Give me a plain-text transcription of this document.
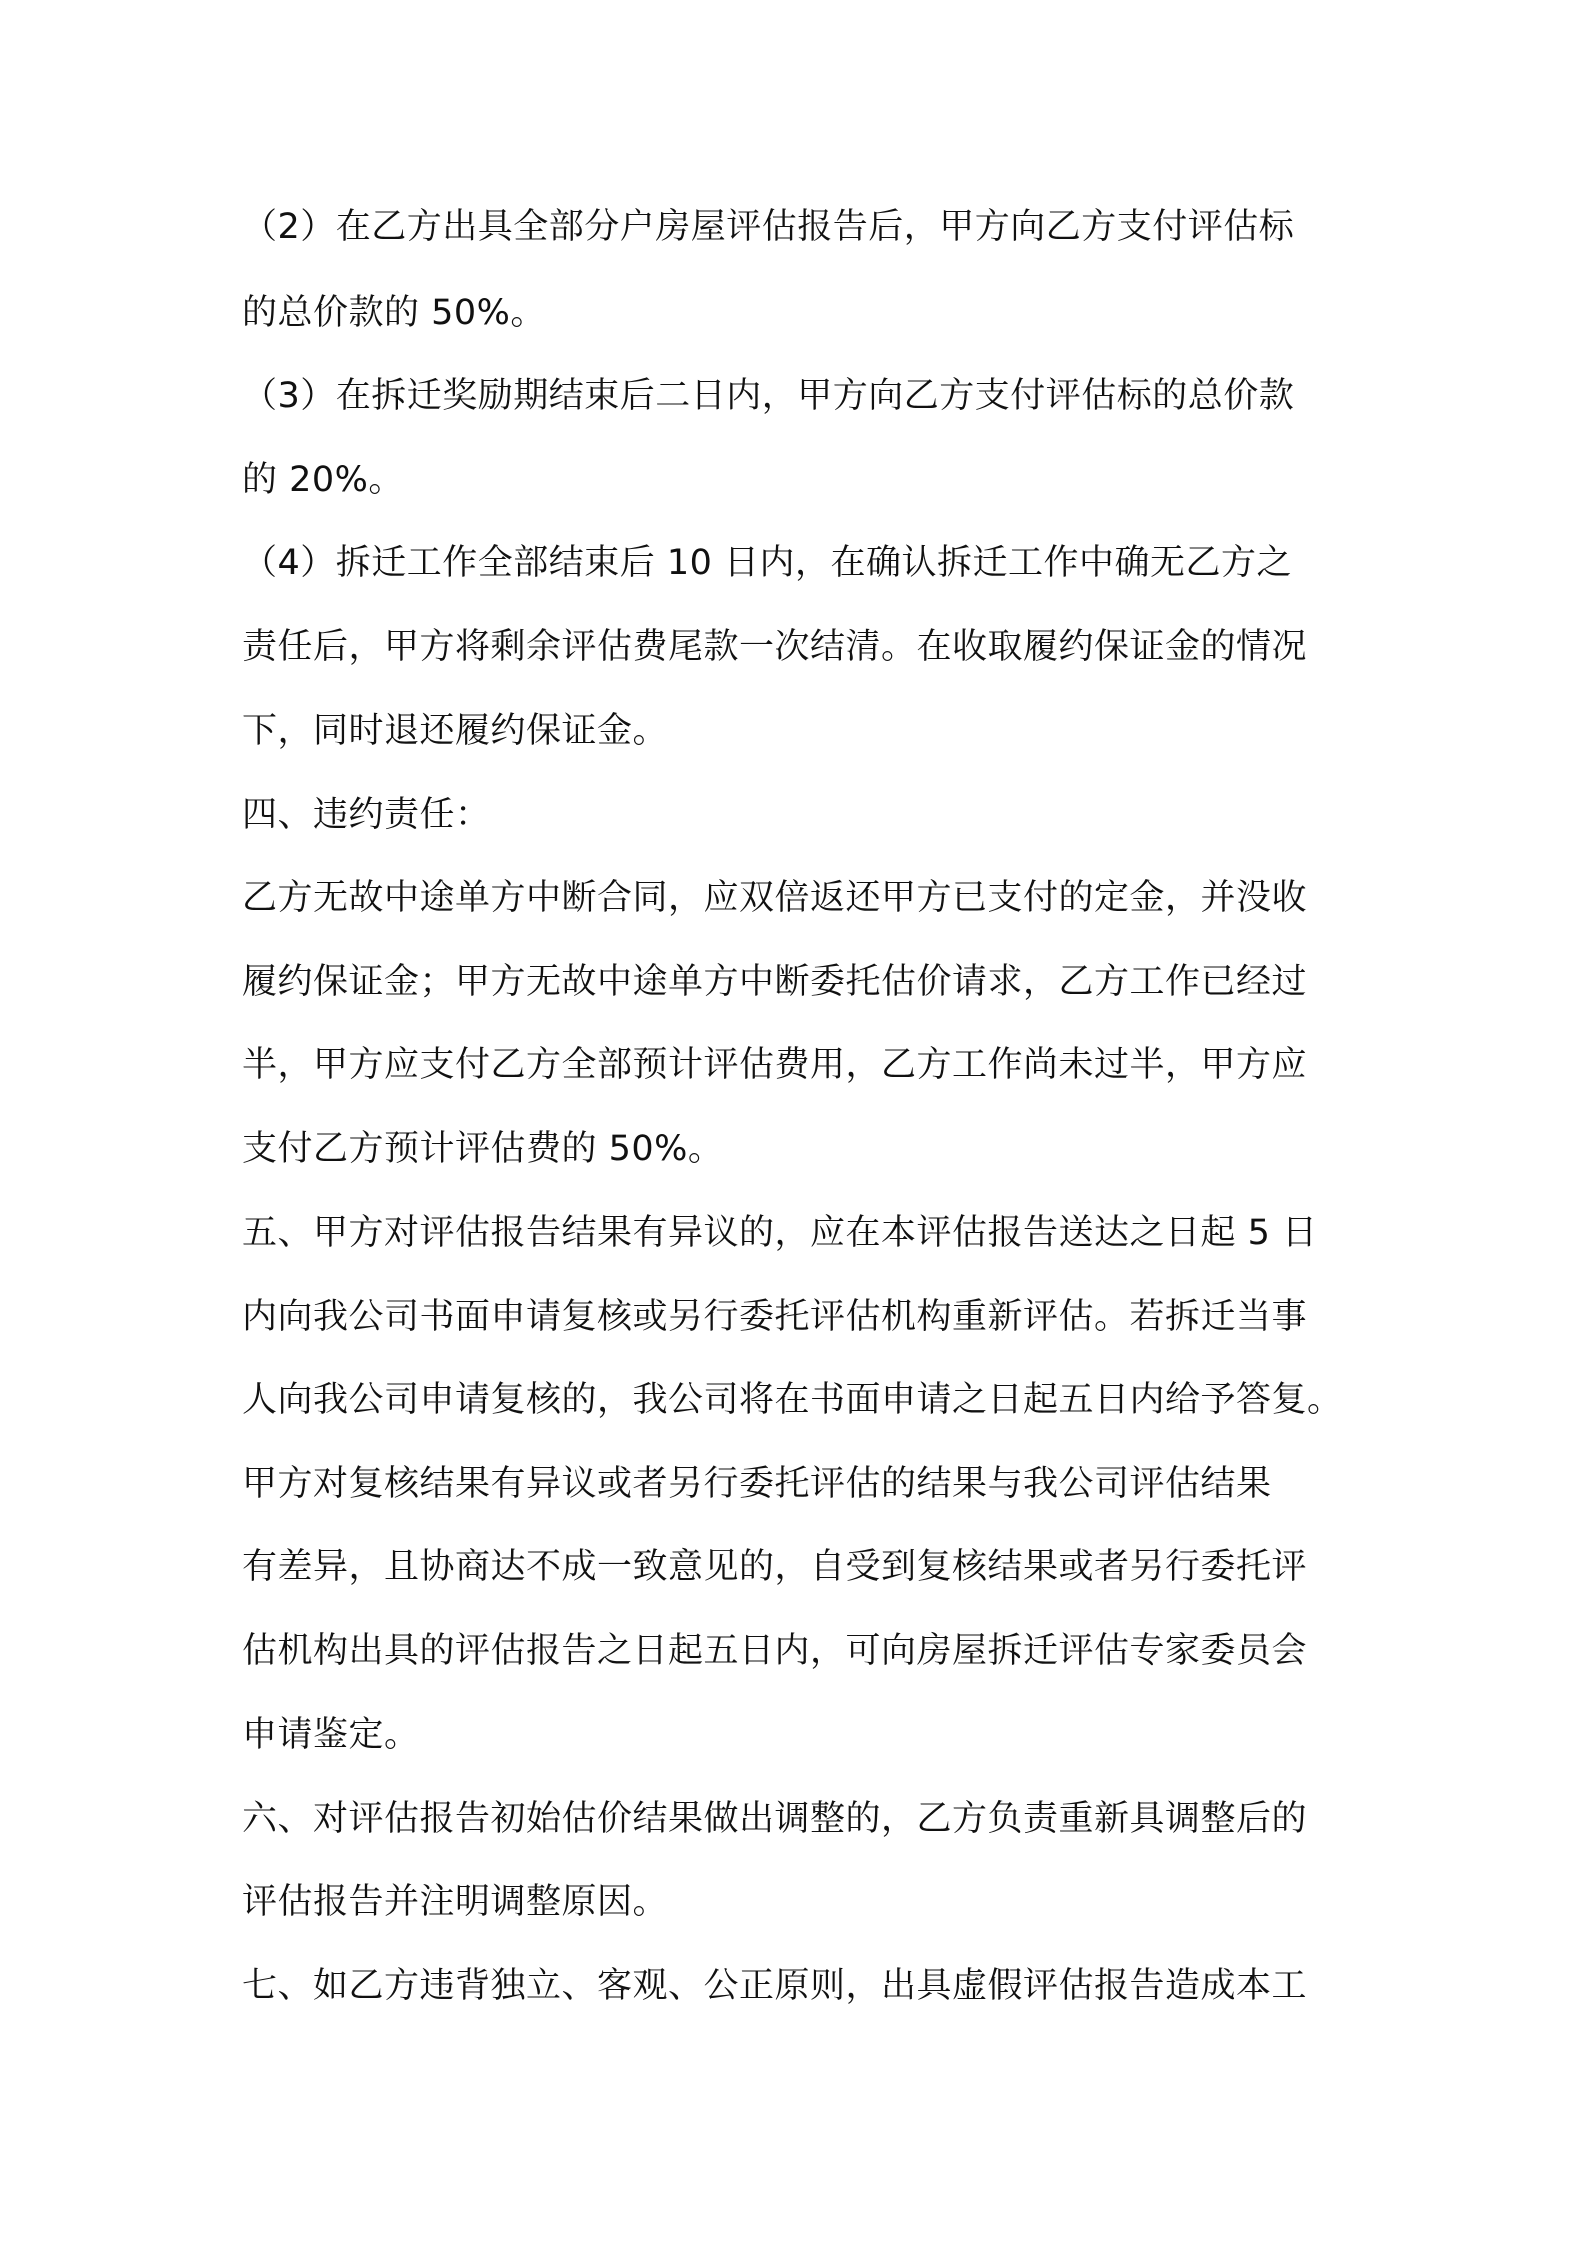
（2）在乙方出具全部分户房屋评估报告后，甲方向乙方支付评估标

的总价款的 50%。

（3）在拆迁奖励期结束后二日内，甲方向乙方支付评估标的总价款

的 20%。

（4）拆迁工作全部结束后 10 日内，在确认拆迁工作中确无乙方之

责任后，甲方将剩余评估费尾款一次结清。在收取履约保证金的情况

下，同时退还履约保证金。

四、违约责任：

乙方无故中途单方中断合同，应双倍返还甲方已支付的定金，并没收

履约保证金；甲方无故中途单方中断委托估价请求，乙方工作已经过

半，甲方应支付乙方全部预计评估费用，乙方工作尚未过半，甲方应

支付乙方预计评估费的 50%。

五、甲方对评估报告结果有异议的，应在本评估报告送达之日起 5 日

内向我公司书面申请复核或另行委托评估机构重新评估。若拆迁当事

人向我公司申请复核的，我公司将在书面申请之日起五日内给予答复。

甲方对复核结果有异议或者另行委托评估的结果与我公司评估结果

有差异，且协商达不成一致意见的，自受到复核结果或者另行委托评

估机构出具的评估报告之日起五日内，可向房屋拆迁评估专家委员会

申请鉴定。

六、对评估报告初始估价结果做出调整的，乙方负责重新具调整后的

评估报告并注明调整原因。

七、如乙方违背独立、客观、公正原则，出具虚假评估报告造成本工
